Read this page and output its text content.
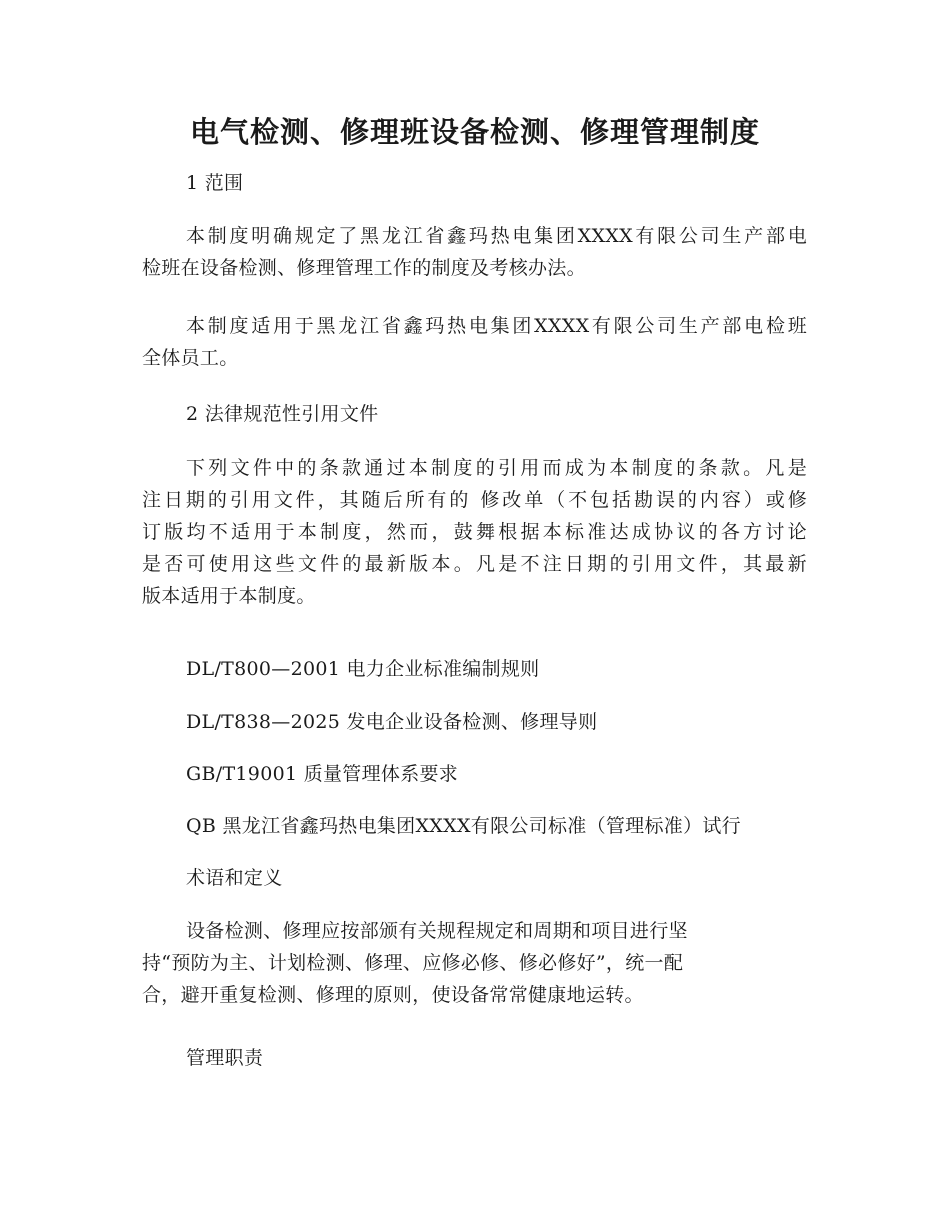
电气检测、修理班设备检测、修理管理制度
1 范围
本制度明确规定了黑龙江省鑫玛热电集团XXXX有限公司生产部电
检班在设备检测、修理管理工作的制度及考核办法。
本制度适用于黑龙江省鑫玛热电集团XXXX有限公司生产部电检班
全体员工。
2 法律规范性引用文件
下列文件中的条款通过本制度的引用而成为本制度的条款。凡是
注日期的引用文件，其随后所有的 修改单（不包括勘误的内容）或修
订版均不适用于本制度，然而，鼓舞根据本标准达成协议的各方讨论
是否可使用这些文件的最新版本。凡是不注日期的引用文件，其最新
版本适用于本制度。
DL/T800—2001 电力企业标准编制规则
DL/T838—2025 发电企业设备检测、修理导则
GB/T19001 质量管理体系要求
QB 黑龙江省鑫玛热电集团XXXX有限公司标准（管理标准）试行
术语和定义
设备检测、修理应按部颁有关规程规定和周期和项目进行坚
持“预防为主、计划检测、修理、应修必修、修必修好”，统一配
合，避开重复检测、修理的原则，使设备常常健康地运转。
管理职责
